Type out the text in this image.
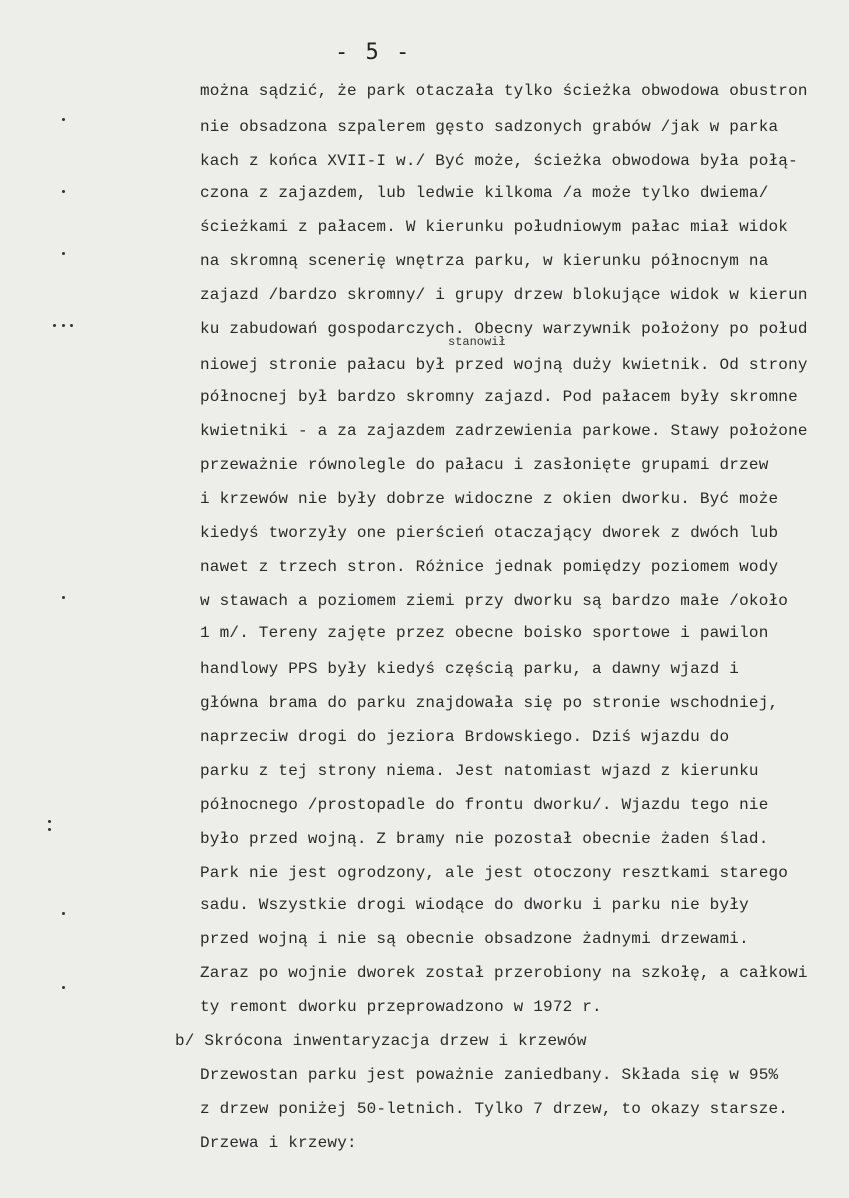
- 5 -
stanowił
można sądzić, że park otaczała tylko ścieżka obwodowa obustron
nie obsadzona szpalerem gęsto sadzonych grabów /jak w parka
kach z końca XVII-I w./ Być może, ścieżka obwodowa była połą-
czona z zajazdem, lub ledwie kilkoma /a może tylko dwiema/
ścieżkami z pałacem. W kierunku południowym pałac miał widok
na skromną scenerię wnętrza parku, w kierunku północnym na
zajazd /bardzo skromny/ i grupy drzew blokujące widok w kierun
ku zabudowań gospodarczych. Obecny warzywnik położony po połud
niowej stronie pałacu był przed wojną duży kwietnik. Od strony
północnej był bardzo skromny zajazd. Pod pałacem były skromne
kwietniki - a za zajazdem zadrzewienia parkowe. Stawy położone
przeważnie równolegle do pałacu i zasłonięte grupami drzew
i krzewów nie były dobrze widoczne z okien dworku. Być może
kiedyś tworzyły one pierścień otaczający dworek z dwóch lub
nawet z trzech stron. Różnice jednak pomiędzy poziomem wody
w stawach a poziomem ziemi przy dworku są bardzo małe /około
1 m/. Tereny zajęte przez obecne boisko sportowe i pawilon
handlowy PPS były kiedyś częścią parku, a dawny wjazd i
główna brama do parku znajdowała się po stronie wschodniej,
naprzeciw drogi do jeziora Brdowskiego. Dziś wjazdu do
parku z tej strony niema. Jest natomiast wjazd z kierunku
północnego /prostopadle do frontu dworku/. Wjazdu tego nie
było przed wojną. Z bramy nie pozostał obecnie żaden ślad.
Park nie jest ogrodzony, ale jest otoczony resztkami starego
sadu. Wszystkie drogi wiodące do dworku i parku nie były
przed wojną i nie są obecnie obsadzone żadnymi drzewami.
Zaraz po wojnie dworek został przerobiony na szkołę, a całkowi
ty remont dworku przeprowadzono w 1972 r.
b/ Skrócona inwentaryzacja drzew i krzewów
Drzewostan parku jest poważnie zaniedbany. Składa się w 95%
z drzew poniżej 50-letnich. Tylko 7 drzew, to okazy starsze.
Drzewa i krzewy:
